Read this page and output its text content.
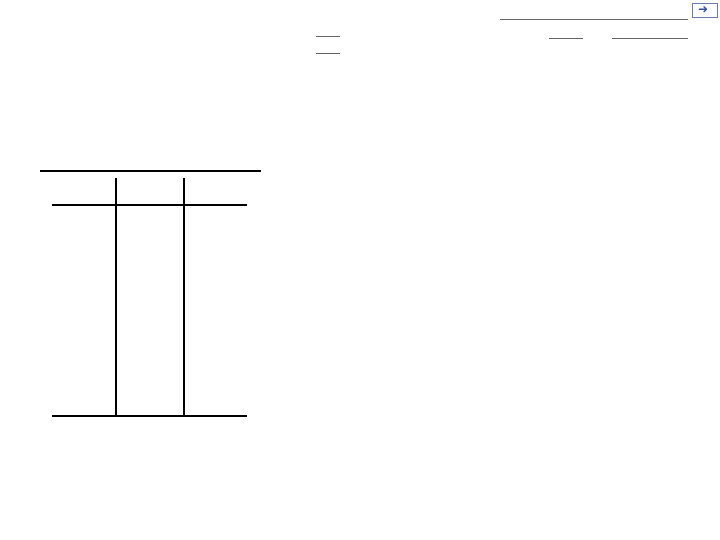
➜
